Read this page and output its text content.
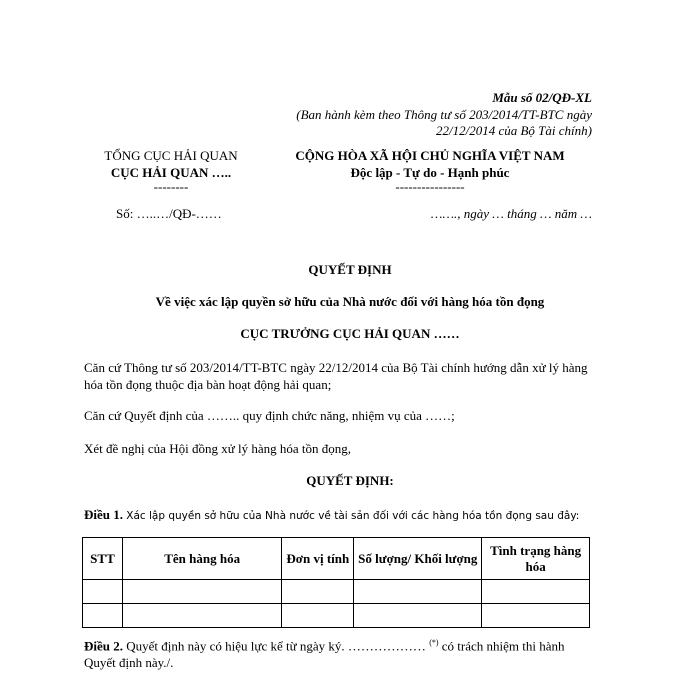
Mẫu số 02/QĐ-XL
(Ban hành kèm theo Thông tư số 203/2014/TT-BTC ngày
22/12/2014 của Bộ Tài chính)
TỔNG CỤC HẢI QUAN
CỤC HẢI QUAN …..
--------
Số: …..…/QĐ-……
CỘNG HÒA XÃ HỘI CHỦ NGHĨA VIỆT NAM
Độc lập - Tự do - Hạnh phúc
----------------
……., ngày … tháng … năm …
QUYẾT ĐỊNH
Về việc xác lập quyền sở hữu của Nhà nước đối với hàng hóa tồn đọng
CỤC TRƯỞNG CỤC HẢI QUAN ……
Căn cứ Thông tư số 203/2014/TT-BTC ngày 22/12/2014 của Bộ Tài chính hướng dẫn xử lý hàng
hóa tồn đọng thuộc địa bàn hoạt động hải quan;
Căn cứ Quyết định của …….. quy định chức năng, nhiệm vụ của ……;
Xét đề nghị của Hội đồng xử lý hàng hóa tồn đọng,
QUYẾT ĐỊNH:
Điều 1. Xác lập quyền sở hữu của Nhà nước về tài sản đối với các hàng hóa tồn đọng sau đây:
STT	Tên hàng hóa	Đơn vị tính	Số lượng/ Khối lượng	Tình trạng hàng hóa

Điều 2. Quyết định này có hiệu lực kể từ ngày ký. ……………… (*) có trách nhiệm thi hành
Quyết định này./.
